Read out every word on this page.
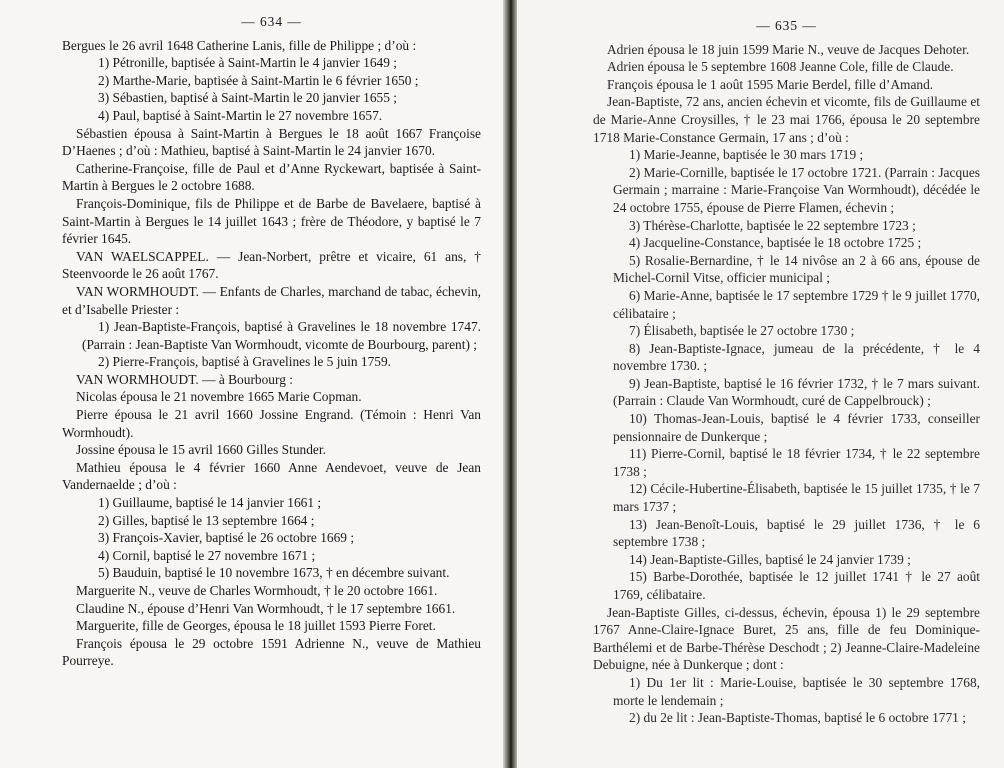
— 634 —

Bergues le 26 avril 1648 Catherine Lanis, fille de Philippe ; d’où :

1) Pétronille, baptisée à Saint-Martin le 4 janvier 1649 ;

2) Marthe-Marie, baptisée à Saint-Martin le 6 février 1650 ;

3) Sébastien, baptisé à Saint-Martin le 20 janvier 1655 ;

4) Paul, baptisé à Saint-Martin le 27 novembre 1657.

Sébastien épousa à Saint-Martin à Bergues le 18 août 1667 Françoise D’Haenes ; d’où : Mathieu, baptisé à Saint-Martin le 24 janvier 1670.

Catherine-Françoise, fille de Paul et d’Anne Ryckewart, baptisée à Saint-Martin à Bergues le 2 octobre 1688.

François-Dominique, fils de Philippe et de Barbe de Bavelaere, baptisé à Saint-Martin à Bergues le 14 juillet 1643 ; frère de Théodore, y baptisé le 7 février 1645.

VAN WAELSCAPPEL. — Jean-Norbert, prêtre et vicaire, 61 ans, † Steenvoorde le 26 août 1767.

VAN WORMHOUDT. — Enfants de Charles, marchand de tabac, échevin, et d’Isabelle Priester :

1) Jean-Baptiste-François, baptisé à Gravelines le 18 novembre 1747. (Parrain : Jean-Baptiste Van Wormhoudt, vicomte de Bourbourg, parent) ;

2) Pierre-François, baptisé à Gravelines le 5 juin 1759.

VAN WORMHOUDT. — à Bourbourg :

Nicolas épousa le 21 novembre 1665 Marie Copman.

Pierre épousa le 21 avril 1660 Jossine Engrand. (Témoin : Henri Van Wormhoudt).

Jossine épousa le 15 avril 1660 Gilles Stunder.

Mathieu épousa le 4 février 1660 Anne Aendevoet, veuve de Jean Vandernaelde ; d’où :

1) Guillaume, baptisé le 14 janvier 1661 ;

2) Gilles, baptisé le 13 septembre 1664 ;

3) François-Xavier, baptisé le 26 octobre 1669 ;

4) Cornil, baptisé le 27 novembre 1671 ;

5) Bauduin, baptisé le 10 novembre 1673, † en décembre suivant.

Marguerite N., veuve de Charles Wormhoudt, † le 20 octobre 1661.

Claudine N., épouse d’Henri Van Wormhoudt, † le 17 septembre 1661.

Marguerite, fille de Georges, épousa le 18 juillet 1593 Pierre Foret.

François épousa le 29 octobre 1591 Adrienne N., veuve de Mathieu Pourreye.

— 635 —

Adrien épousa le 18 juin 1599 Marie N., veuve de Jacques Dehoter.

Adrien épousa le 5 septembre 1608 Jeanne Cole, fille de Claude.

François épousa le 1 août 1595 Marie Berdel, fille d’Amand.

Jean-Baptiste, 72 ans, ancien échevin et vicomte, fils de Guillaume et de Marie-Anne Croysilles, † le 23 mai 1766, épousa le 20 septembre 1718 Marie-Constance Germain, 17 ans ; d’où :

1) Marie-Jeanne, baptisée le 30 mars 1719 ;

2) Marie-Cornille, baptisée le 17 octobre 1721. (Parrain : Jacques Germain ; marraine : Marie-Françoise Van Wormhoudt), décédée le 24 octobre 1755, épouse de Pierre Flamen, échevin ;

3) Thérèse-Charlotte, baptisée le 22 septembre 1723 ;

4) Jacqueline-Constance, baptisée le 18 octobre 1725 ;

5) Rosalie-Bernardine, † le 14 nivôse an 2 à 66 ans, épouse de Michel-Cornil Vitse, officier municipal ;

6) Marie-Anne, baptisée le 17 septembre 1729 † le 9 juillet 1770, célibataire ;

7) Élisabeth, baptisée le 27 octobre 1730 ;

8) Jean-Baptiste-Ignace, jumeau de la précédente, † le 4 novembre 1730. ;

9) Jean-Baptiste, baptisé le 16 février 1732, † le 7 mars suivant. (Parrain : Claude Van Wormhoudt, curé de Cappelbrouck) ;

10) Thomas-Jean-Louis, baptisé le 4 février 1733, conseiller pensionnaire de Dunkerque ;

11) Pierre-Cornil, baptisé le 18 février 1734, † le 22 septembre 1738 ;

12) Cécile-Hubertine-Élisabeth, baptisée le 15 juillet 1735, † le 7 mars 1737 ;

13) Jean-Benoît-Louis, baptisé le 29 juillet 1736, † le 6 septembre 1738 ;

14) Jean-Baptiste-Gilles, baptisé le 24 janvier 1739 ;

15) Barbe-Dorothée, baptisée le 12 juillet 1741 † le 27 août 1769, célibataire.

Jean-Baptiste Gilles, ci-dessus, échevin, épousa 1) le 29 septembre 1767 Anne-Claire-Ignace Buret, 25 ans, fille de feu Dominique-Barthélemi et de Barbe-Thérèse Deschodt ; 2) Jeanne-Claire-Madeleine Debuigne, née à Dunkerque ; dont :

1) Du 1er lit : Marie-Louise, baptisée le 30 septembre 1768, morte le lendemain ;

2) du 2e lit : Jean-Baptiste-Thomas, baptisé le 6 octobre 1771 ;
